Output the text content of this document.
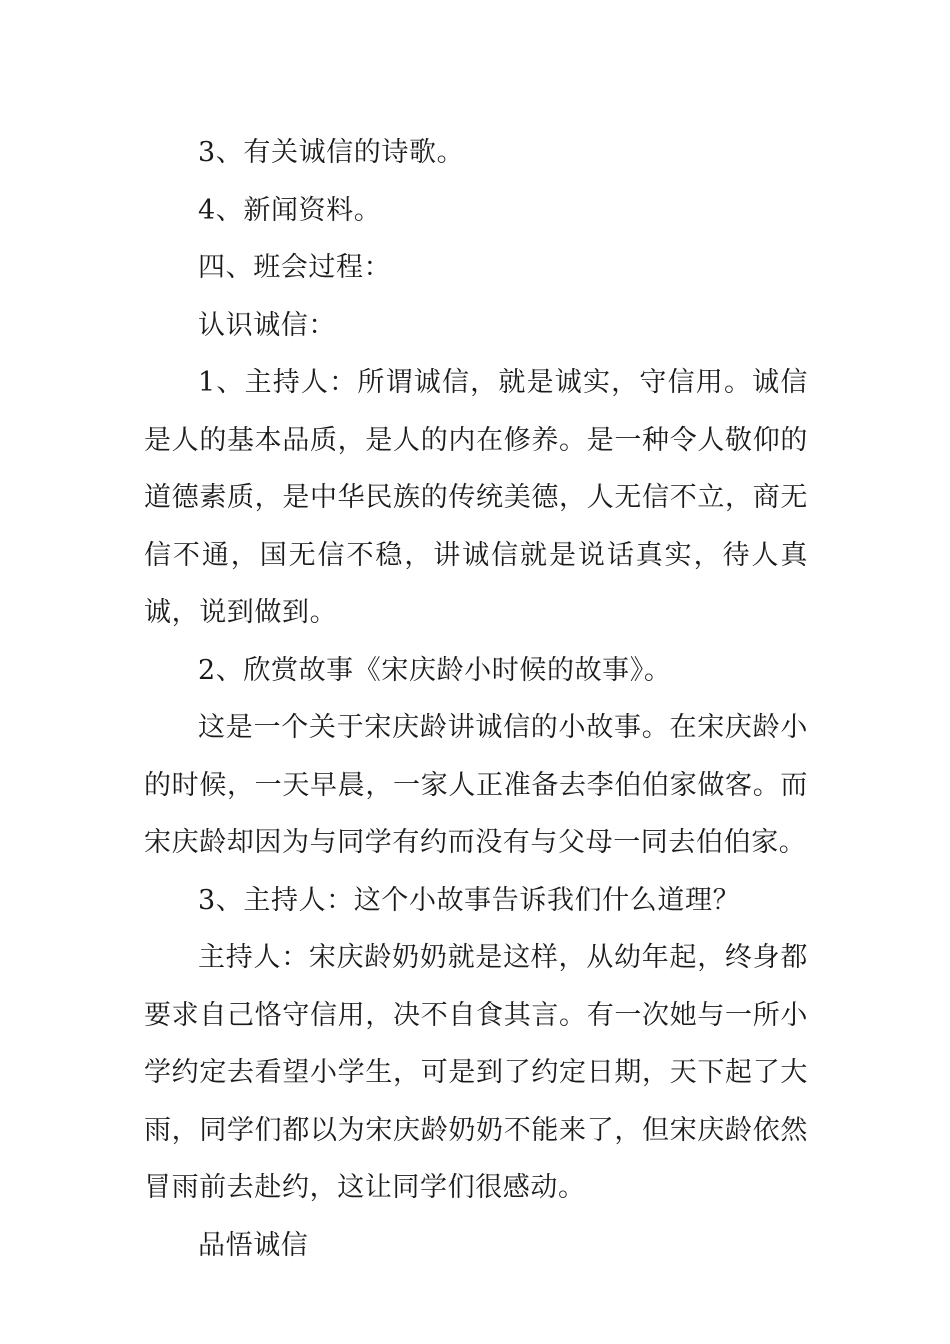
3、有关诚信的诗歌。

4、新闻资料。

四、班会过程：

认识诚信：

1、主持人：所谓诚信，就是诚实，守信用。诚信是人的基本品质，是人的内在修养。是一种令人敬仰的道德素质，是中华民族的传统美德，人无信不立，商无信不通，国无信不稳，讲诚信就是说话真实，待人真诚，说到做到。

2、欣赏故事《宋庆龄小时候的故事》。

这是一个关于宋庆龄讲诚信的小故事。在宋庆龄小的时候，一天早晨，一家人正准备去李伯伯家做客。而宋庆龄却因为与同学有约而没有与父母一同去伯伯家。

3、主持人：这个小故事告诉我们什么道理？

主持人：宋庆龄奶奶就是这样，从幼年起，终身都要求自己恪守信用，决不自食其言。有一次她与一所小学约定去看望小学生，可是到了约定日期，天下起了大雨，同学们都以为宋庆龄奶奶不能来了，但宋庆龄依然冒雨前去赴约，这让同学们很感动。

品悟诚信
